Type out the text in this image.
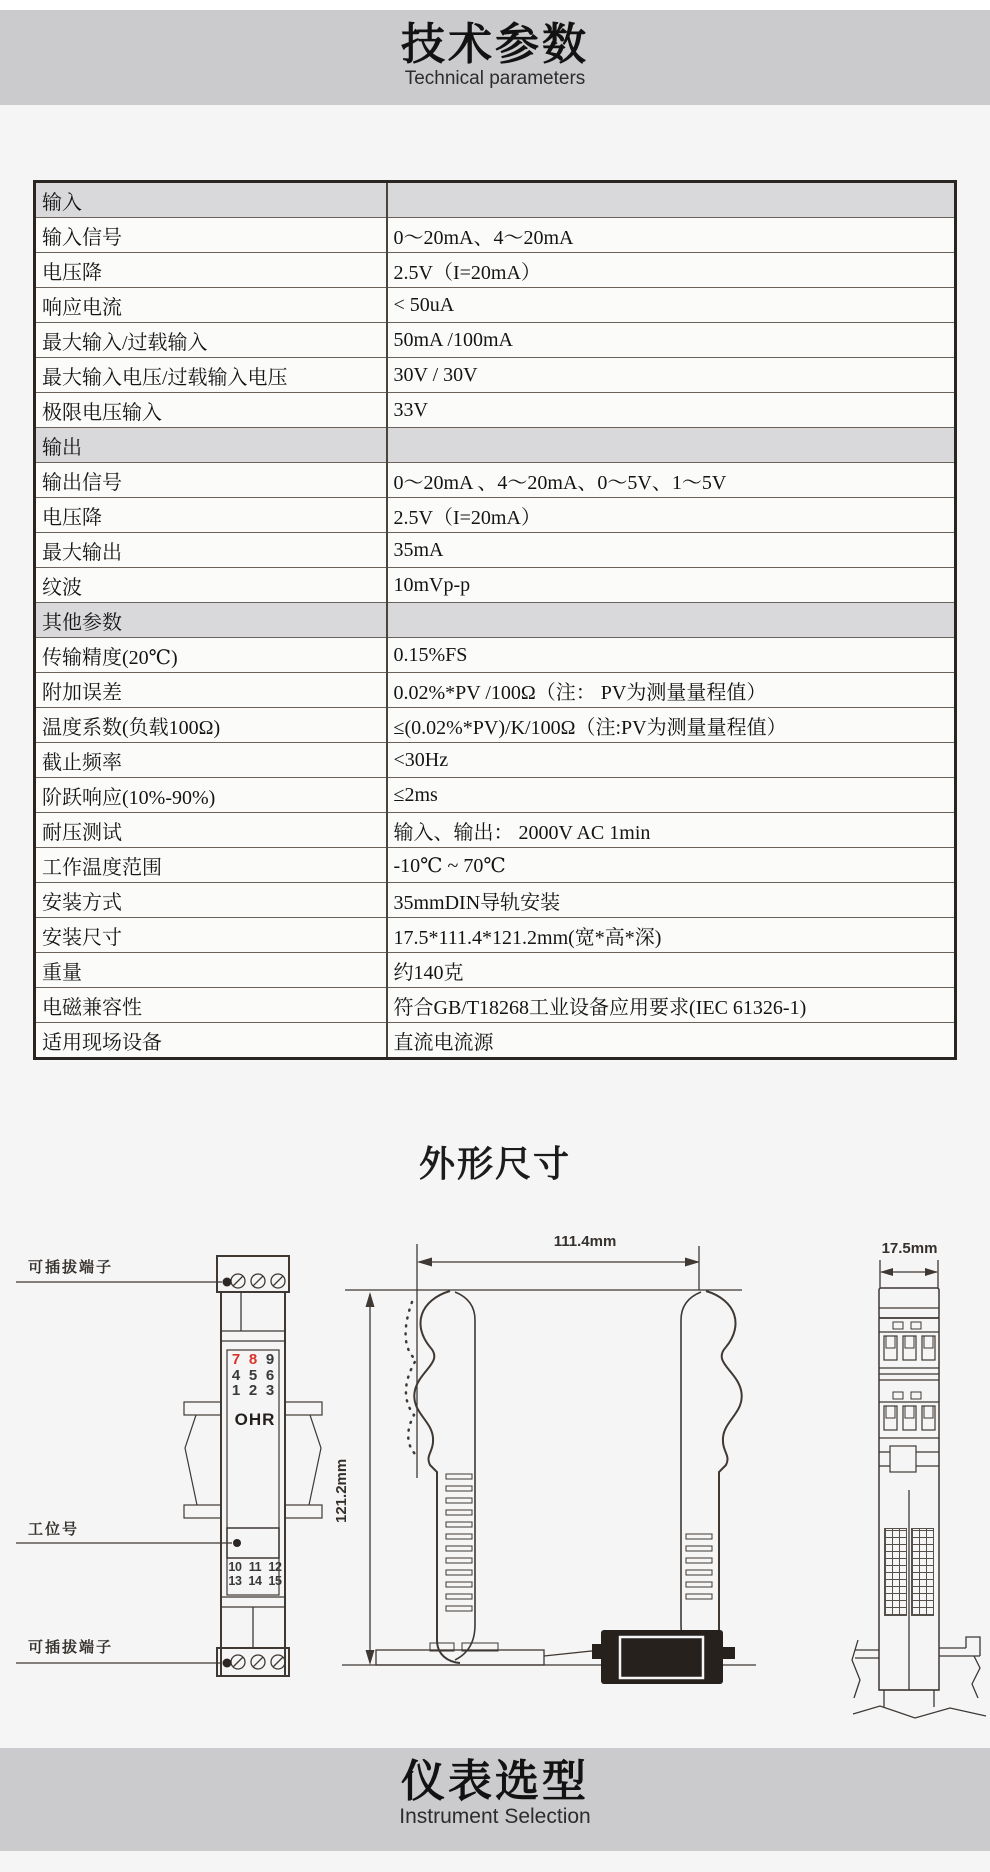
技术参数
Technical parameters
输入	
输入信号	0～20mA、4～20mA
电压降	2.5V（I=20mA）
响应电流	< 50uA
最大输入/过载输入	50mA /100mA
最大输入电压/过载输入电压	30V / 30V
极限电压输入	33V
输出	
输出信号	0～20mA 、4～20mA、0～5V、1～5V
电压降	2.5V（I=20mA）
最大输出	35mA
纹波	10mVp-p
其他参数	
传输精度(20℃)	0.15%FS
附加误差	0.02%*PV /100Ω（注： PV为测量量程值）
温度系数(负载100Ω)	≤(0.02%*PV)/K/100Ω（注:PV为测量量程值）
截止频率	<30Hz
阶跃响应(10%-90%)	≤2ms
耐压测试	输入、输出： 2000V AC 1min
工作温度范围	-10℃ ~ 70℃
安装方式	35mmDIN导轨安装
安装尺寸	17.5*111.4*121.2mm(宽*高*深)
重量	约140克
电磁兼容性	符合GB/T18268工业设备应用要求(IEC 61326-1)
适用现场设备	直流电流源
外形尺寸
可插拔端子
工位号
可插拔端子
111.4mm
121.2mm
17.5mm
7 8 9
4 5 6
1 2 3
OHR
10 11 12
13 14 15
仪表选型
Instrument Selection
